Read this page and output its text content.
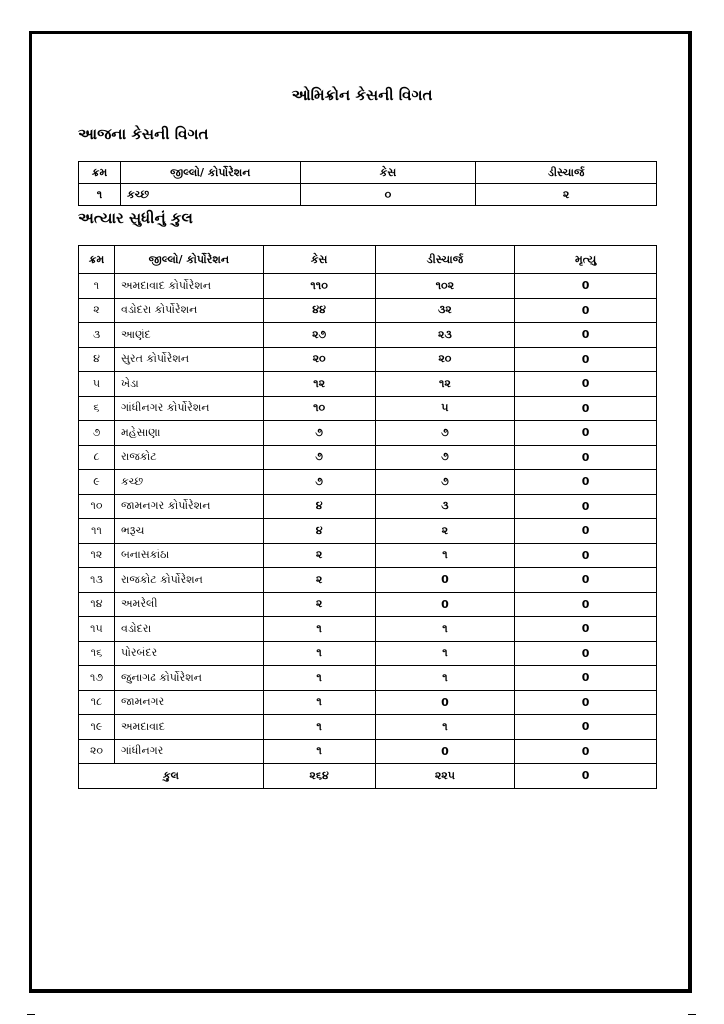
ઓમિક્રોન કેસની વિગત
આજના કેસની વિગત
ક્રમ	જીલ્લો/ કોર્પોરેશન	કેસ	ડીસ્ચાર્જ
૧	કચ્છ	૦	૨
અત્યાર સુધીનું કુલ
ક્રમ	જીલ્લો/ કોર્પોરેશન	કેસ	ડીસ્ચાર્જ	મૃત્યુ
૧	અમદાવાદ કોર્પોરેશન	૧૧૦	૧૦૨	0
૨	વડોદરા કોર્પોરેશન	૪૪	૩૨	0
૩	આણંદ	૨૭	૨૩	0
૪	સુરત કોર્પોરેશન	૨૦	૨૦	0
૫	ખેડા	૧૨	૧૨	0
૬	ગાંધીનગર કોર્પોરેશન	૧૦	૫	0
૭	મહેસાણા	૭	૭	0
૮	રાજકોટ	૭	૭	0
૯	કચ્છ	૭	૭	0
૧૦	જામનગર કોર્પોરેશન	૪	૩	0
૧૧	ભરૂચ	૪	૨	0
૧૨	બનાસકાંઠા	૨	૧	0
૧૩	રાજકોટ કોર્પોરેશન	૨	0	0
૧૪	અમરેલી	૨	0	0
૧૫	વડોદરા	૧	૧	0
૧૬	પોરબંદર	૧	૧	0
૧૭	જુનાગઢ કોર્પોરેશન	૧	૧	0
૧૮	જામનગર	૧	0	0
૧૯	અમદાવાદ	૧	૧	0
૨૦	ગાંધીનગર	૧	0	0
કુલ		૨૬૪	૨૨૫	0
